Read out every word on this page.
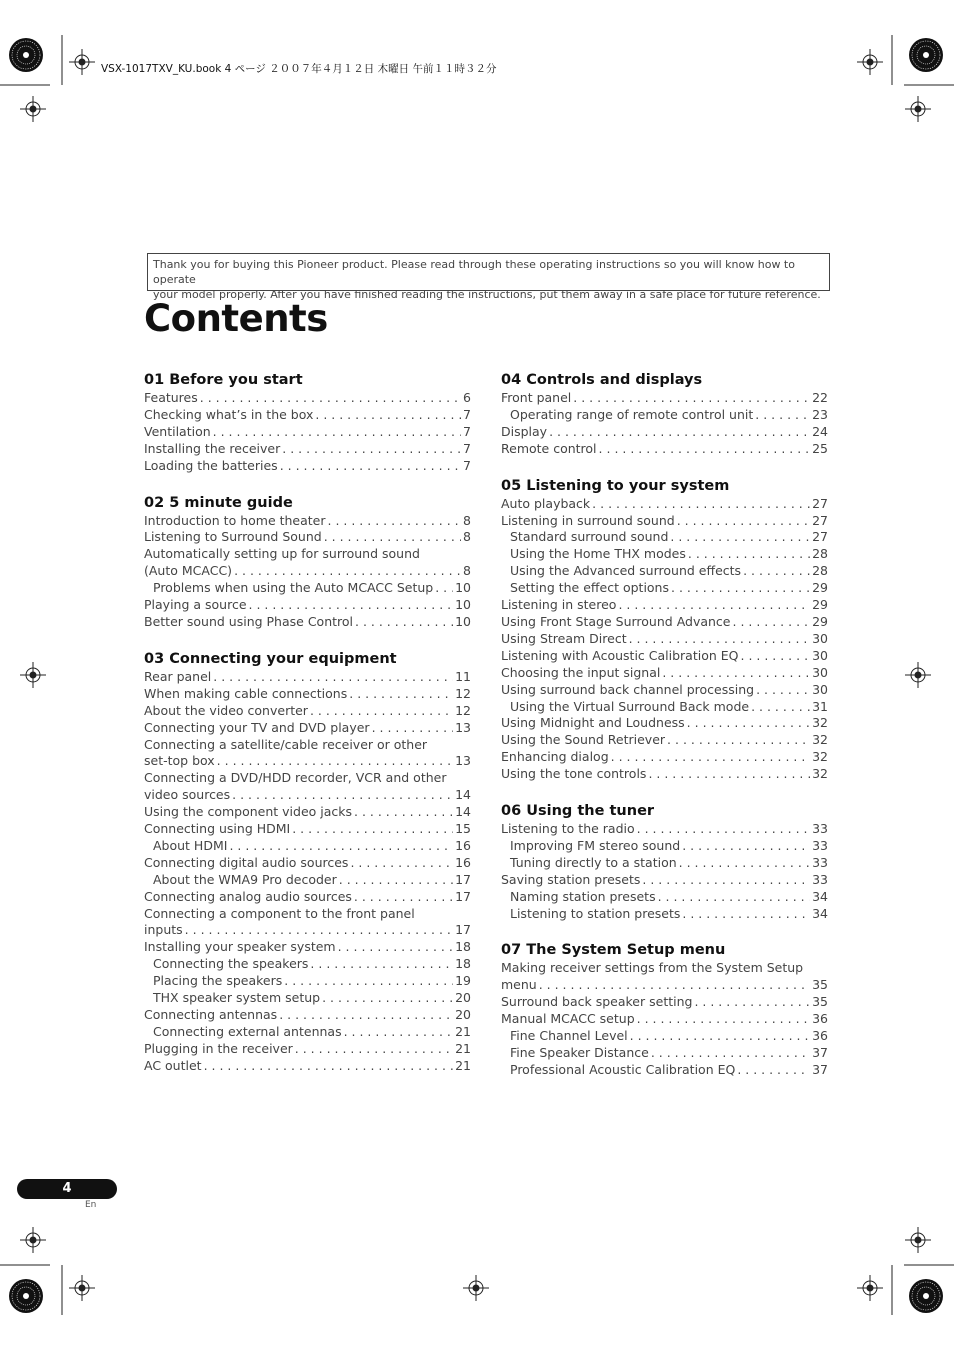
VSX-1017TXV_KU.book 4 ページ ２００７年４月１２日 木曜日 午前１１時３２分

Thank you for buying this Pioneer product. Please read through these operating instructions so you will know how to operate

your model properly. After you have finished reading the instructions, put them away in a safe place for future reference.

Contents
01 Before you start
Features . . .	6
Checking what’s in the box . . .	7
Ventilation . . .	7
Installing the receiver . . .	7
Loading the batteries . . .	7
02 5 minute guide
Introduction to home theater . . .	8
Listening to Surround Sound . . .	8
Automatically setting up for surround sound
(Auto MCACC) . . .	8
Problems when using the Auto MCACC Setup . . . 10
Playing a source . . .	10
Better sound using Phase Control . . .	10
03 Connecting your equipment
Rear panel . . .	11
When making cable connections . . .	12
About the video converter . . .	12
Connecting your TV and DVD player . . .	13
Connecting a satellite/cable receiver or other
set-top box . . .	13
Connecting a DVD/HDD recorder, VCR and other
video sources . . .	14
Using the component video jacks . . .	14
Connecting using HDMI . . .	15
About HDMI . . .	16
Connecting digital audio sources . . .	16
About the WMA9 Pro decoder . . .	17
Connecting analog audio sources . . .	17
Connecting a component to the front panel
inputs . . .	17
Installing your speaker system . . .	18
Connecting the speakers . . .	18
Placing the speakers . . .	19
THX speaker system setup . . .	20
Connecting antennas . . .	20
Connecting external antennas . . .	21
Plugging in the receiver . . .	21
AC outlet . . .	21
04 Controls and displays
Front panel . . .	22
Operating range of remote control unit . . .	23
Display . . .	24
Remote control . . .	25
05 Listening to your system
Auto playback . . .	27
Listening in surround sound . . .	27
Standard surround sound . . .	27
Using the Home THX modes . . .	28
Using the Advanced surround effects . . .	28
Setting the effect options . . .	29
Listening in stereo . . .	29
Using Front Stage Surround Advance . . .	29
Using Stream Direct . . .	30
Listening with Acoustic Calibration EQ . . .	30
Choosing the input signal . . .	30
Using surround back channel processing . . .	30
Using the Virtual Surround Back mode . . .	31
Using Midnight and Loudness . . .	32
Using the Sound Retriever . . .	32
Enhancing dialog . . .	32
Using the tone controls . . .	32
06 Using the tuner
Listening to the radio . . .	33
Improving FM stereo sound . . .	33
Tuning directly to a station . . .	33
Saving station presets . . .	33
Naming station presets . . .	34
Listening to station presets . . .	34
07 The System Setup menu
Making receiver settings from the System Setup
menu . . .	35
Surround back speaker setting . . .	35
Manual MCACC setup . . .	36
Fine Channel Level . . .	36
Fine Speaker Distance . . .	37
Professional Acoustic Calibration EQ . . .	37
4
En
